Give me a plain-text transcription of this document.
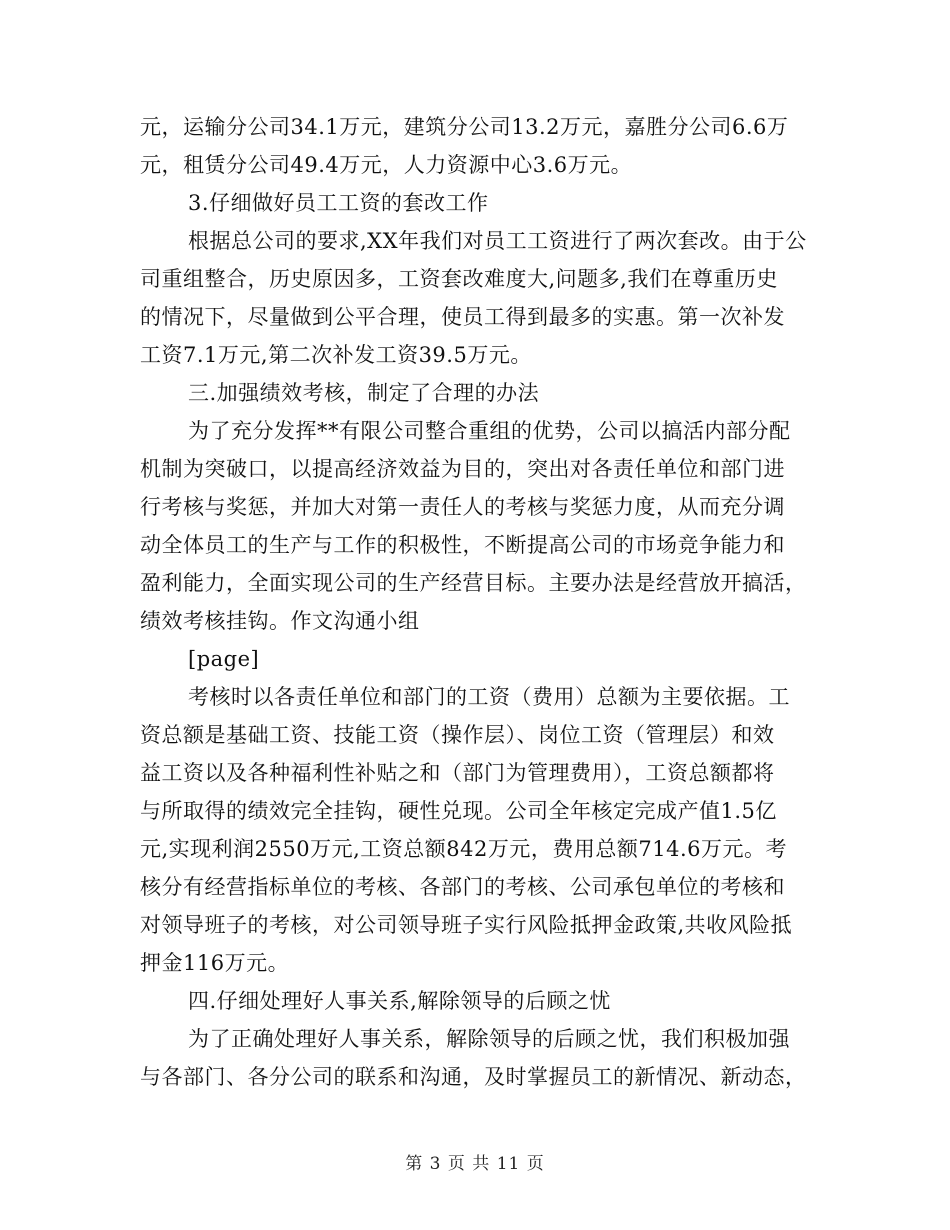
元，运输分公司34.1万元，建筑分公司13.2万元，嘉胜分公司6.6万
元，租赁分公司49.4万元，人力资源中心3.6万元。
3.仔细做好员工工资的套改工作
根据总公司的要求,XX年我们对员工工资进行了两次套改。由于公
司重组整合，历史原因多，工资套改难度大,问题多,我们在尊重历史
的情况下，尽量做到公平合理，使员工得到最多的实惠。第一次补发
工资7.1万元,第二次补发工资39.5万元。
三.加强绩效考核，制定了合理的办法
为了充分发挥**有限公司整合重组的优势，公司以搞活内部分配
机制为突破口，以提高经济效益为目的，突出对各责任单位和部门进
行考核与奖惩，并加大对第一责任人的考核与奖惩力度，从而充分调
动全体员工的生产与工作的积极性，不断提高公司的市场竞争能力和
盈利能力，全面实现公司的生产经营目标。主要办法是经营放开搞活，
绩效考核挂钩。作文沟通小组
[page]
考核时以各责任单位和部门的工资（费用）总额为主要依据。工
资总额是基础工资、技能工资（操作层）、岗位工资（管理层）和效
益工资以及各种福利性补贴之和（部门为管理费用），工资总额都将
与所取得的绩效完全挂钩，硬性兑现。公司全年核定完成产值1.5亿
元,实现利润2550万元,工资总额842万元，费用总额714.6万元。考
核分有经营指标单位的考核、各部门的考核、公司承包单位的考核和
对领导班子的考核，对公司领导班子实行风险抵押金政策,共收风险抵
押金116万元。
四.仔细处理好人事关系,解除领导的后顾之忧
为了正确处理好人事关系，解除领导的后顾之忧，我们积极加强
与各部门、各分公司的联系和沟通，及时掌握员工的新情况、新动态，
第 3 页 共 11 页
